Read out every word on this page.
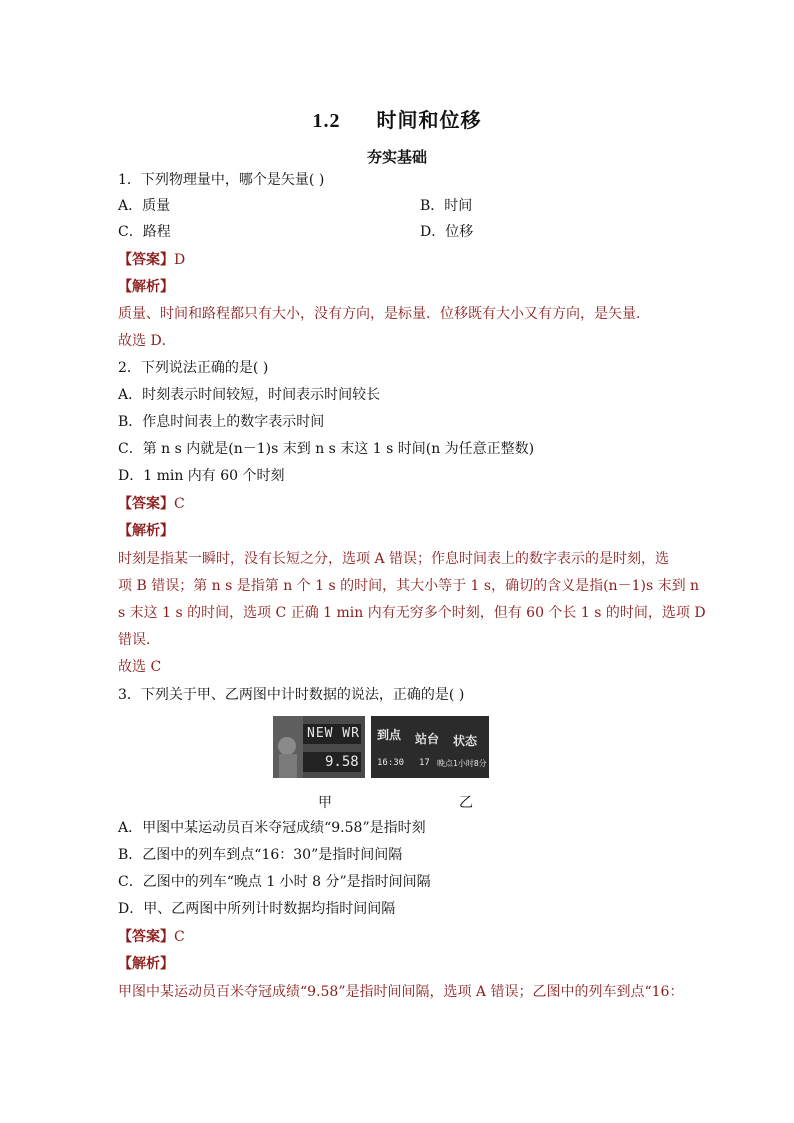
1.2 时间和位移
夯实基础
1．下列物理量中，哪个是矢量( )
A．质量	B．时间
C．路程	D．位移
【答案】D
【解析】
质量、时间和路程都只有大小，没有方向，是标量．位移既有大小又有方向，是矢量．
故选 D．
2．下列说法正确的是( )
A．时刻表示时间较短，时间表示时间较长
B．作息时间表上的数字表示时间
C．第 n s 内就是(n－1)s 末到 n s 末这 1 s 时间(n 为任意正整数)
D．1 min 内有 60 个时刻
【答案】C
【解析】
时刻是指某一瞬时，没有长短之分，选项 A 错误；作息时间表上的数字表示的是时刻，选
项 B 错误；第 n s 是指第 n 个 1 s 的时间，其大小等于 1 s，确切的含义是指(n－1)s 末到 n
s 末这 1 s 的时间，选项 C 正确 1 min 内有无穷多个时刻，但有 60 个长 1 s 的时间，选项 D
错误．
故选 C
3．下列关于甲、乙两图中计时数据的说法，正确的是( )
NEW WR
9.58
到点 站台 状态
16:30 17 晚点1小时8分
甲	乙
A．甲图中某运动员百米夺冠成绩“9.58”是指时刻
B．乙图中的列车到点“16：30”是指时间间隔
C．乙图中的列车“晚点 1 小时 8 分”是指时间间隔
D．甲、乙两图中所列计时数据均指时间间隔
【答案】C
【解析】
甲图中某运动员百米夺冠成绩“9.58”是指时间间隔，选项 A 错误；乙图中的列车到点“16：
